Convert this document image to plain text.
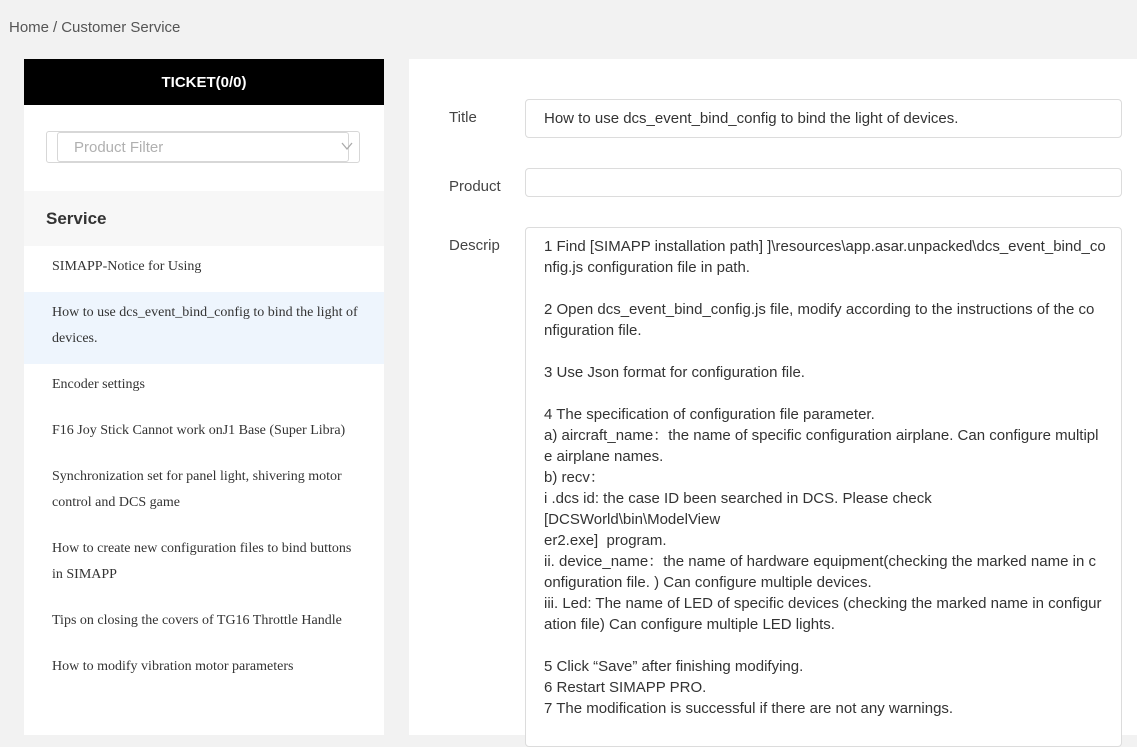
Home / Customer Service
TICKET(0/0)
Product Filter
Service
SIMAPP-Notice for Using
How to use dcs_event_bind_config to bind the light of devices.
Encoder settings
F16 Joy Stick Cannot work onJ1 Base (Super Libra)
Synchronization set for panel light, shivering motor control and DCS game
How to create new configuration files to bind buttons in SIMAPP
Tips on closing the covers of TG16 Throttle Handle
How to modify vibration motor parameters
Title	How to use dcs_event_bind_config to bind the light of devices.
Product
Descrip	1 Find [SIMAPP installation path] ]\resources\app.asar.unpacked\dcs_event_bind_co
nfig.js configuration file in path.

2 Open dcs_event_bind_config.js file, modify according to the instructions of the co
nfiguration file.

3 Use Json format for configuration file.

4 The specification of configuration file parameter.
a) aircraft_name：the name of specific configuration airplane. Can configure multipl
e airplane names.
b) recv：
i .dcs id: the case ID been searched in DCS. Please check [DCSWorld\bin\ModelView
er2.exe]  program.
ii. device_name：the name of hardware equipment(checking the marked name in c
onfiguration file. ) Can configure multiple devices.
iii. Led: The name of LED of specific devices (checking the marked name in configur
ation file) Can configure multiple LED lights.

5 Click “Save” after finishing modifying.
6 Restart SIMAPP PRO.
7 The modification is successful if there are not any warnings.
